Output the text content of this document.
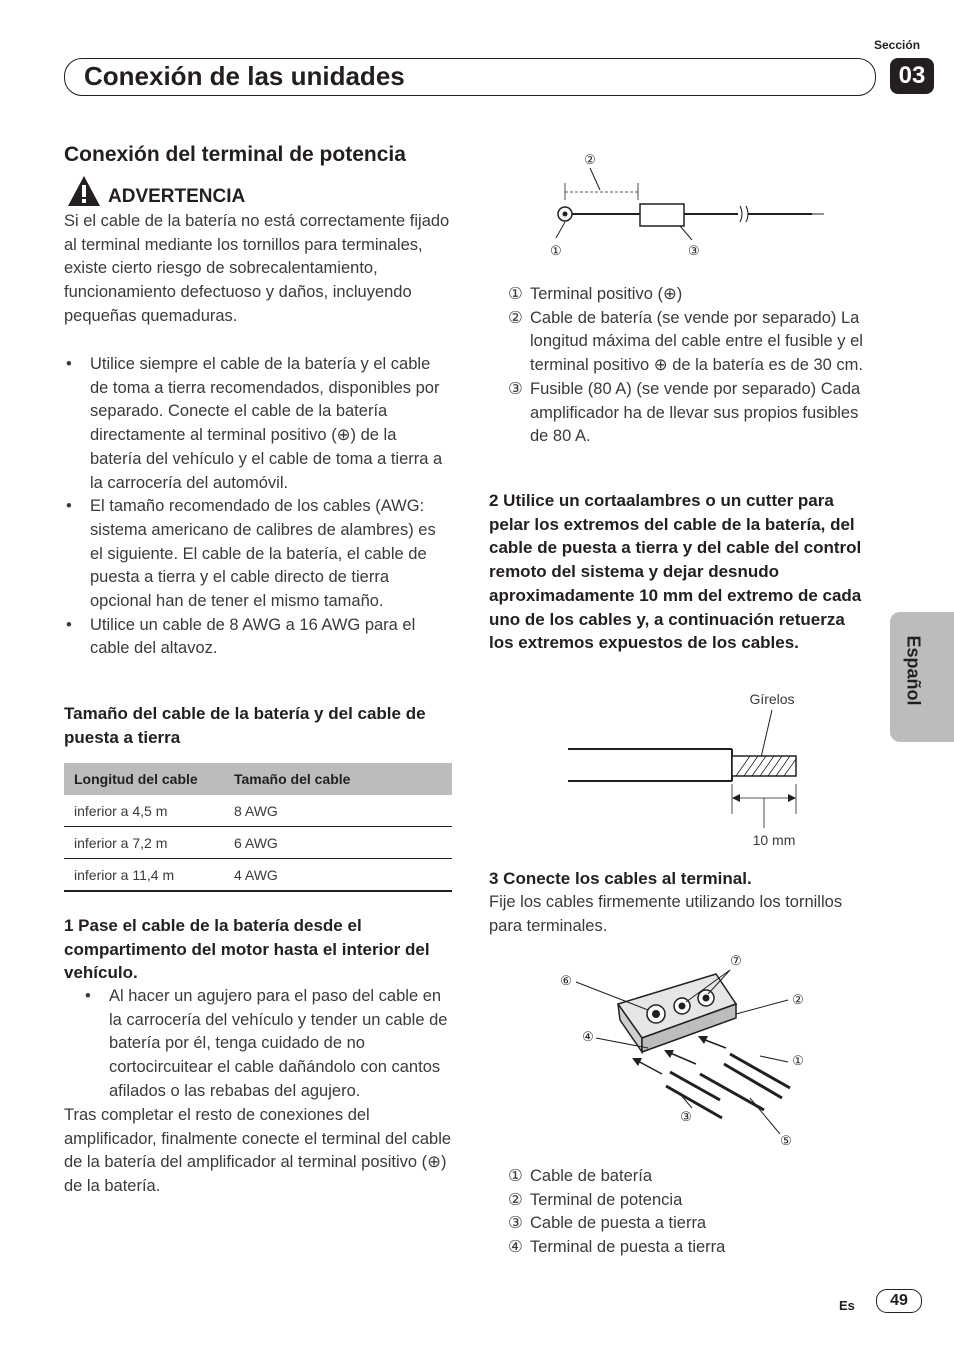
Sección
Conexión de las unidades	03
Español
Conexión del terminal de potencia
ADVERTENCIA
Si el cable de la batería no está correctamente fijado al terminal mediante los tornillos para terminales, existe cierto riesgo de sobrecalentamiento, funcionamiento defectuoso y daños, incluyendo pequeñas quemaduras.
• Utilice siempre el cable de la batería y el cable de toma a tierra recomendados, disponibles por separado. Conecte el cable de la batería directamente al terminal positivo (⊕) de la batería del vehículo y el cable de toma a tierra a la carrocería del automóvil.
• El tamaño recomendado de los cables (AWG: sistema americano de calibres de alambres) es el siguiente. El cable de la batería, el cable de puesta a tierra y el cable directo de tierra opcional han de tener el mismo tamaño.
• Utilice un cable de 8 AWG a 16 AWG para el cable del altavoz.
Tamaño del cable de la batería y del cable de puesta a tierra
Longitud del cable	Tamaño del cable
inferior a 4,5 m	8 AWG
inferior a 7,2 m	6 AWG
inferior a 11,4 m	4 AWG
1 Pase el cable de la batería desde el compartimento del motor hasta el interior del vehículo.
• Al hacer un agujero para el paso del cable en la carrocería del vehículo y tender un cable de batería por él, tenga cuidado de no cortocircuitear el cable dañándolo con cantos afilados o las rebabas del agujero.
Tras completar el resto de conexiones del amplificador, finalmente conecte el terminal del cable de la batería del amplificador al terminal positivo (⊕) de la batería.
②
①	③
① Terminal positivo (⊕)
② Cable de batería (se vende por separado) La longitud máxima del cable entre el fusible y el terminal positivo ⊕ de la batería es de 30 cm.
③ Fusible (80 A) (se vende por separado) Cada amplificador ha de llevar sus propios fusibles de 80 A.
2 Utilice un cortaalambres o un cutter para pelar los extremos del cable de la batería, del cable de puesta a tierra y del cable del control remoto del sistema y dejar desnudo aproximadamente 10 mm del extremo de cada uno de los cables y, a continuación retuerza los extremos expuestos de los cables.
Gírelos
10 mm
3 Conecte los cables al terminal.
Fije los cables firmemente utilizando los tornillos para terminales.
⑥
⑦
②
④
①
③
⑤
① Cable de batería
② Terminal de potencia
③ Cable de puesta a tierra
④ Terminal de puesta a tierra
Es	49
